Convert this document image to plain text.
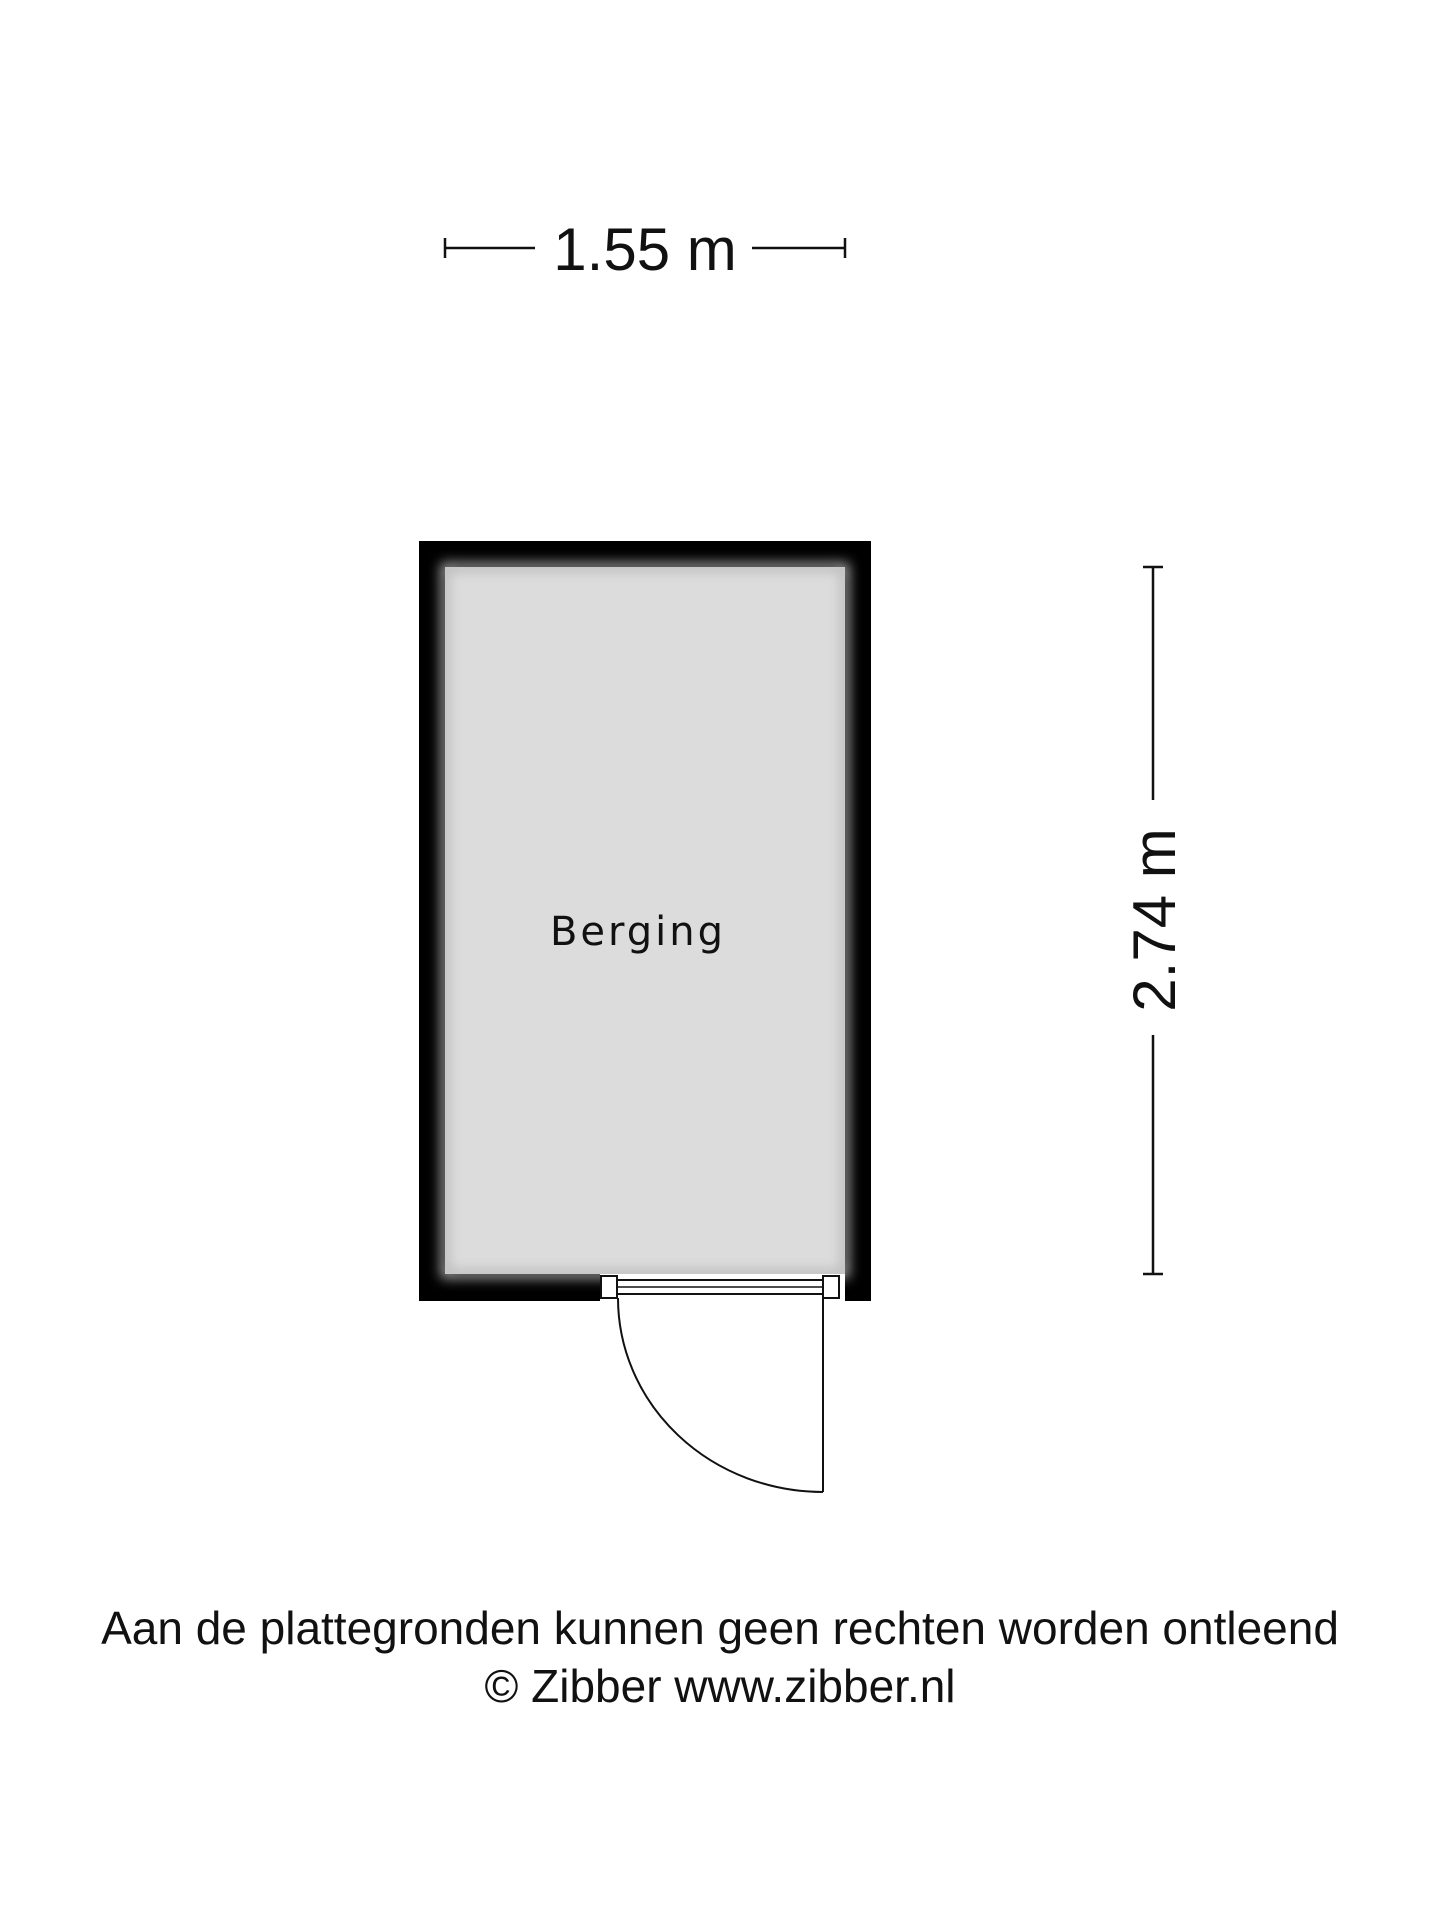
1.55 m
2.74 m
Berging
Aan de plattegronden kunnen geen rechten worden ontleend
© Zibber www.zibber.nl
